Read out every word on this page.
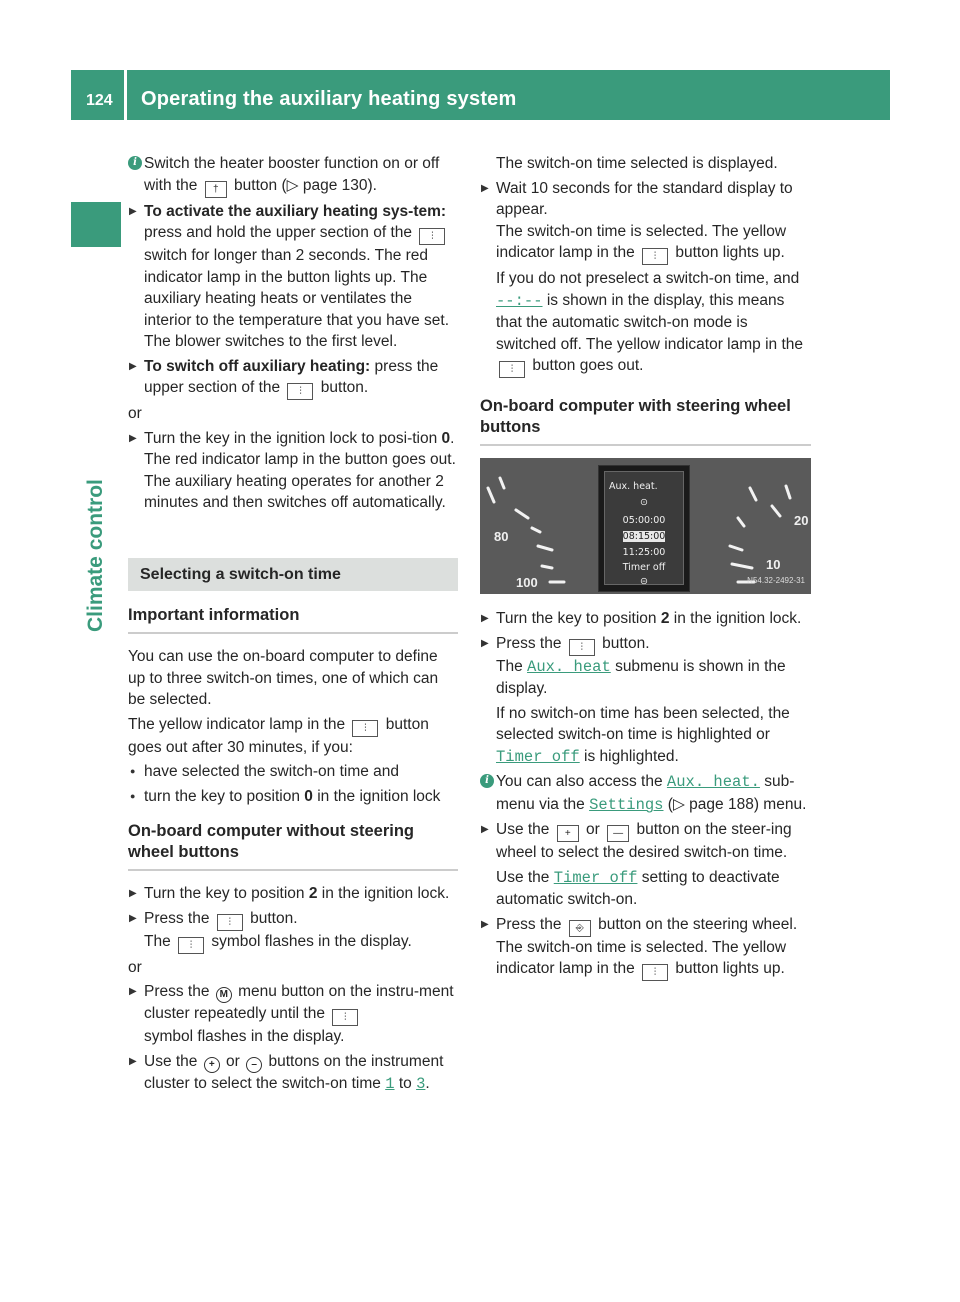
124 Operating the auxiliary heating system
Climate control

i Switch the heater booster function on or off with the † button (▷ page 130).

▶ To activate the auxiliary heating sys-tem: press and hold the upper section of the ⫶ switch for longer than 2 seconds. The red indicator lamp in the button lights up. The auxiliary heating heats or ventilates the interior to the temperature that you have set. The blower switches to the first level.

▶ To switch off auxiliary heating: press the upper section of the ⫶ button.

or

▶ Turn the key in the ignition lock to posi-tion 0.
The red indicator lamp in the button goes out. The auxiliary heating operates for another 2 minutes and then switches off automatically.

Selecting a switch-on time
Important information

You can use the on-board computer to define up to three switch-on times, one of which can be selected.

The yellow indicator lamp in the ⫶ button goes out after 30 minutes, if you:

● have selected the switch-on time and

● turn the key to position 0 in the ignition lock

On-board computer without steering wheel buttons

▶ Turn the key to position 2 in the ignition lock.

▶ Press the ⫶ button.
The ⫶ symbol flashes in the display.

or

▶ Press the M menu button on the instru-ment cluster repeatedly until the ⫶
symbol flashes in the display.

▶ Use the + or – buttons on the instrument cluster to select the switch-on time 1 to 3.

The switch-on time selected is displayed.

▶ Wait 10 seconds for the standard display to appear.
The switch-on time is selected. The yellow indicator lamp in the ⫶ button lights up.

If you do not preselect a switch-on time, and --:-- is shown in the display, this means that the automatic switch-on mode is switched off. The yellow indicator lamp in the ⫶ button goes out.

On-board computer with steering wheel buttons
80
100
20
10
Aux. heat.
⊙
05:00:00
08:15:00
11:25:00
Timer off
⊝	N54.32-2492-31

▶ Turn the key to position 2 in the ignition lock.

▶ Press the ⫶ button.
The Aux. heat submenu is shown in the display.

If no switch-on time has been selected, the selected switch-on time is highlighted or Timer off is highlighted.

i You can also access the Aux. heat. sub-menu via the Settings (▷ page 188) menu.

▶ Use the + or — button on the steer-ing wheel to select the desired switch-on time.

Use the Timer off setting to deactivate automatic switch-on.

▶ Press the ⎆ button on the steering wheel.
The switch-on time is selected. The yellow indicator lamp in the ⫶ button lights up.
